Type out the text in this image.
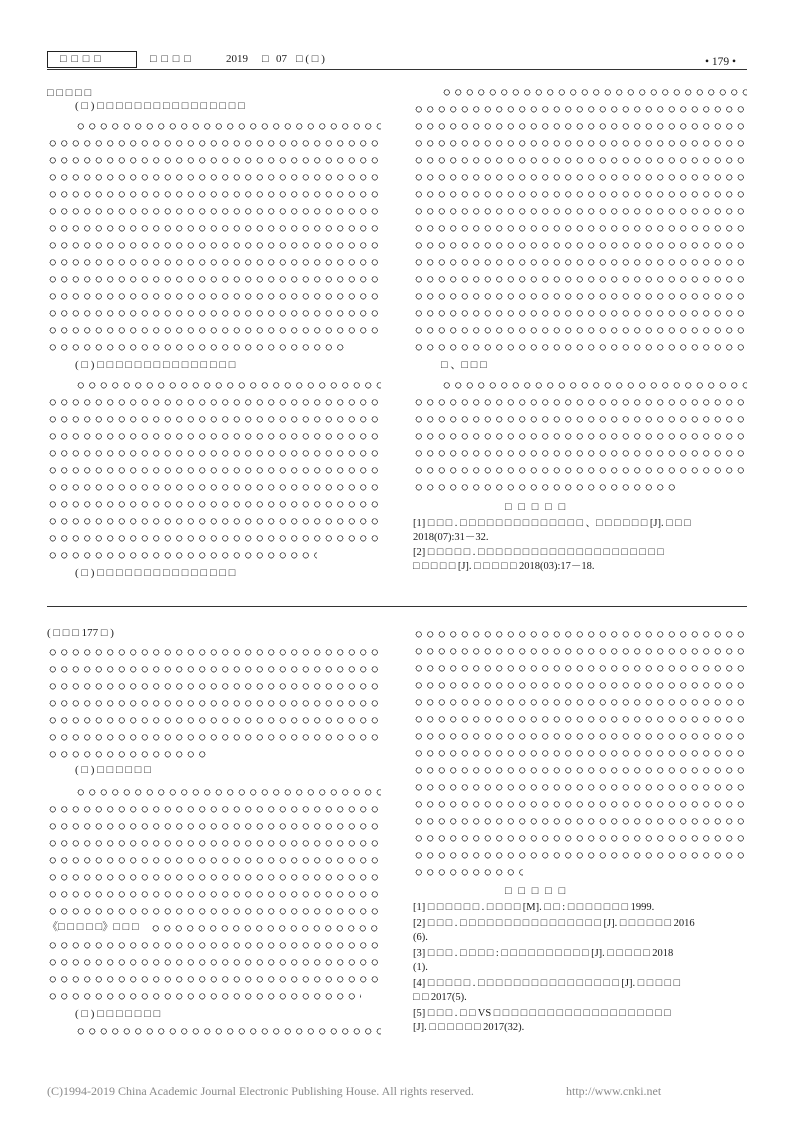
□ □ □ □	□ □ □ □	2019 □ 07 □ ( □ )	• 179 •
□ □ □ □ □
( □ ) □ □ □ □ □ □ □ □ □ □ □ □ □ □ □ □
( □ ) □ □ □ □ □ □ □ □ □ □ □ □ □ □ □
( □ ) □ □ □ □ □ □ □ □ □ □ □ □ □ □ □
□ 、□ □ □
□ □ □ □ □
[1] □ □ □ . □ □ □ □ □ □ □ □ □ □ □ □ □ □ 、□ □ □ □ □ □ [J]. □ □ □
2018(07):31－32.
[2] □ □ □ □ □ . □ □ □ □ □ □ □ □ □ □ □ □ □ □ □ □ □ □ □ □ □
□ □ □ □ □ [J]. □ □ □ □ □ 2018(03):17－18.
( □ □ □ 177 □ )
( □ ) □ □ □ □ □ □
《□ □ □ □ □》□ □ □
( □ ) □ □ □ □ □ □ □
□ □ □ □ □
[1] □ □ □ □ □ □ . □ □ □ □ [M]. □ □ : □ □ □ □ □ □ □ 1999.
[2] □ □ □ . □ □ □ □ □ □ □ □ □ □ □ □ □ □ □ □ [J]. □ □ □ □ □ □ 2016
(6).
[3] □ □ □ . □ □ □ □ : □ □ □ □ □ □ □ □ □ □ [J]. □ □ □ □ □ 2018
(1).
[4] □ □ □ □ □ . □ □ □ □ □ □ □ □ □ □ □ □ □ □ □ □ [J]. □ □ □ □ □
□ □ 2017(5).
[5] □ □ □ . □ □ VS □ □ □ □ □ □ □ □ □ □ □ □ □ □ □ □ □ □ □ □
[J]. □ □ □ □ □ □ 2017(32).
(C)1994-2019 China Academic Journal Electronic Publishing House. All rights reserved.	http://www.cnki.net
